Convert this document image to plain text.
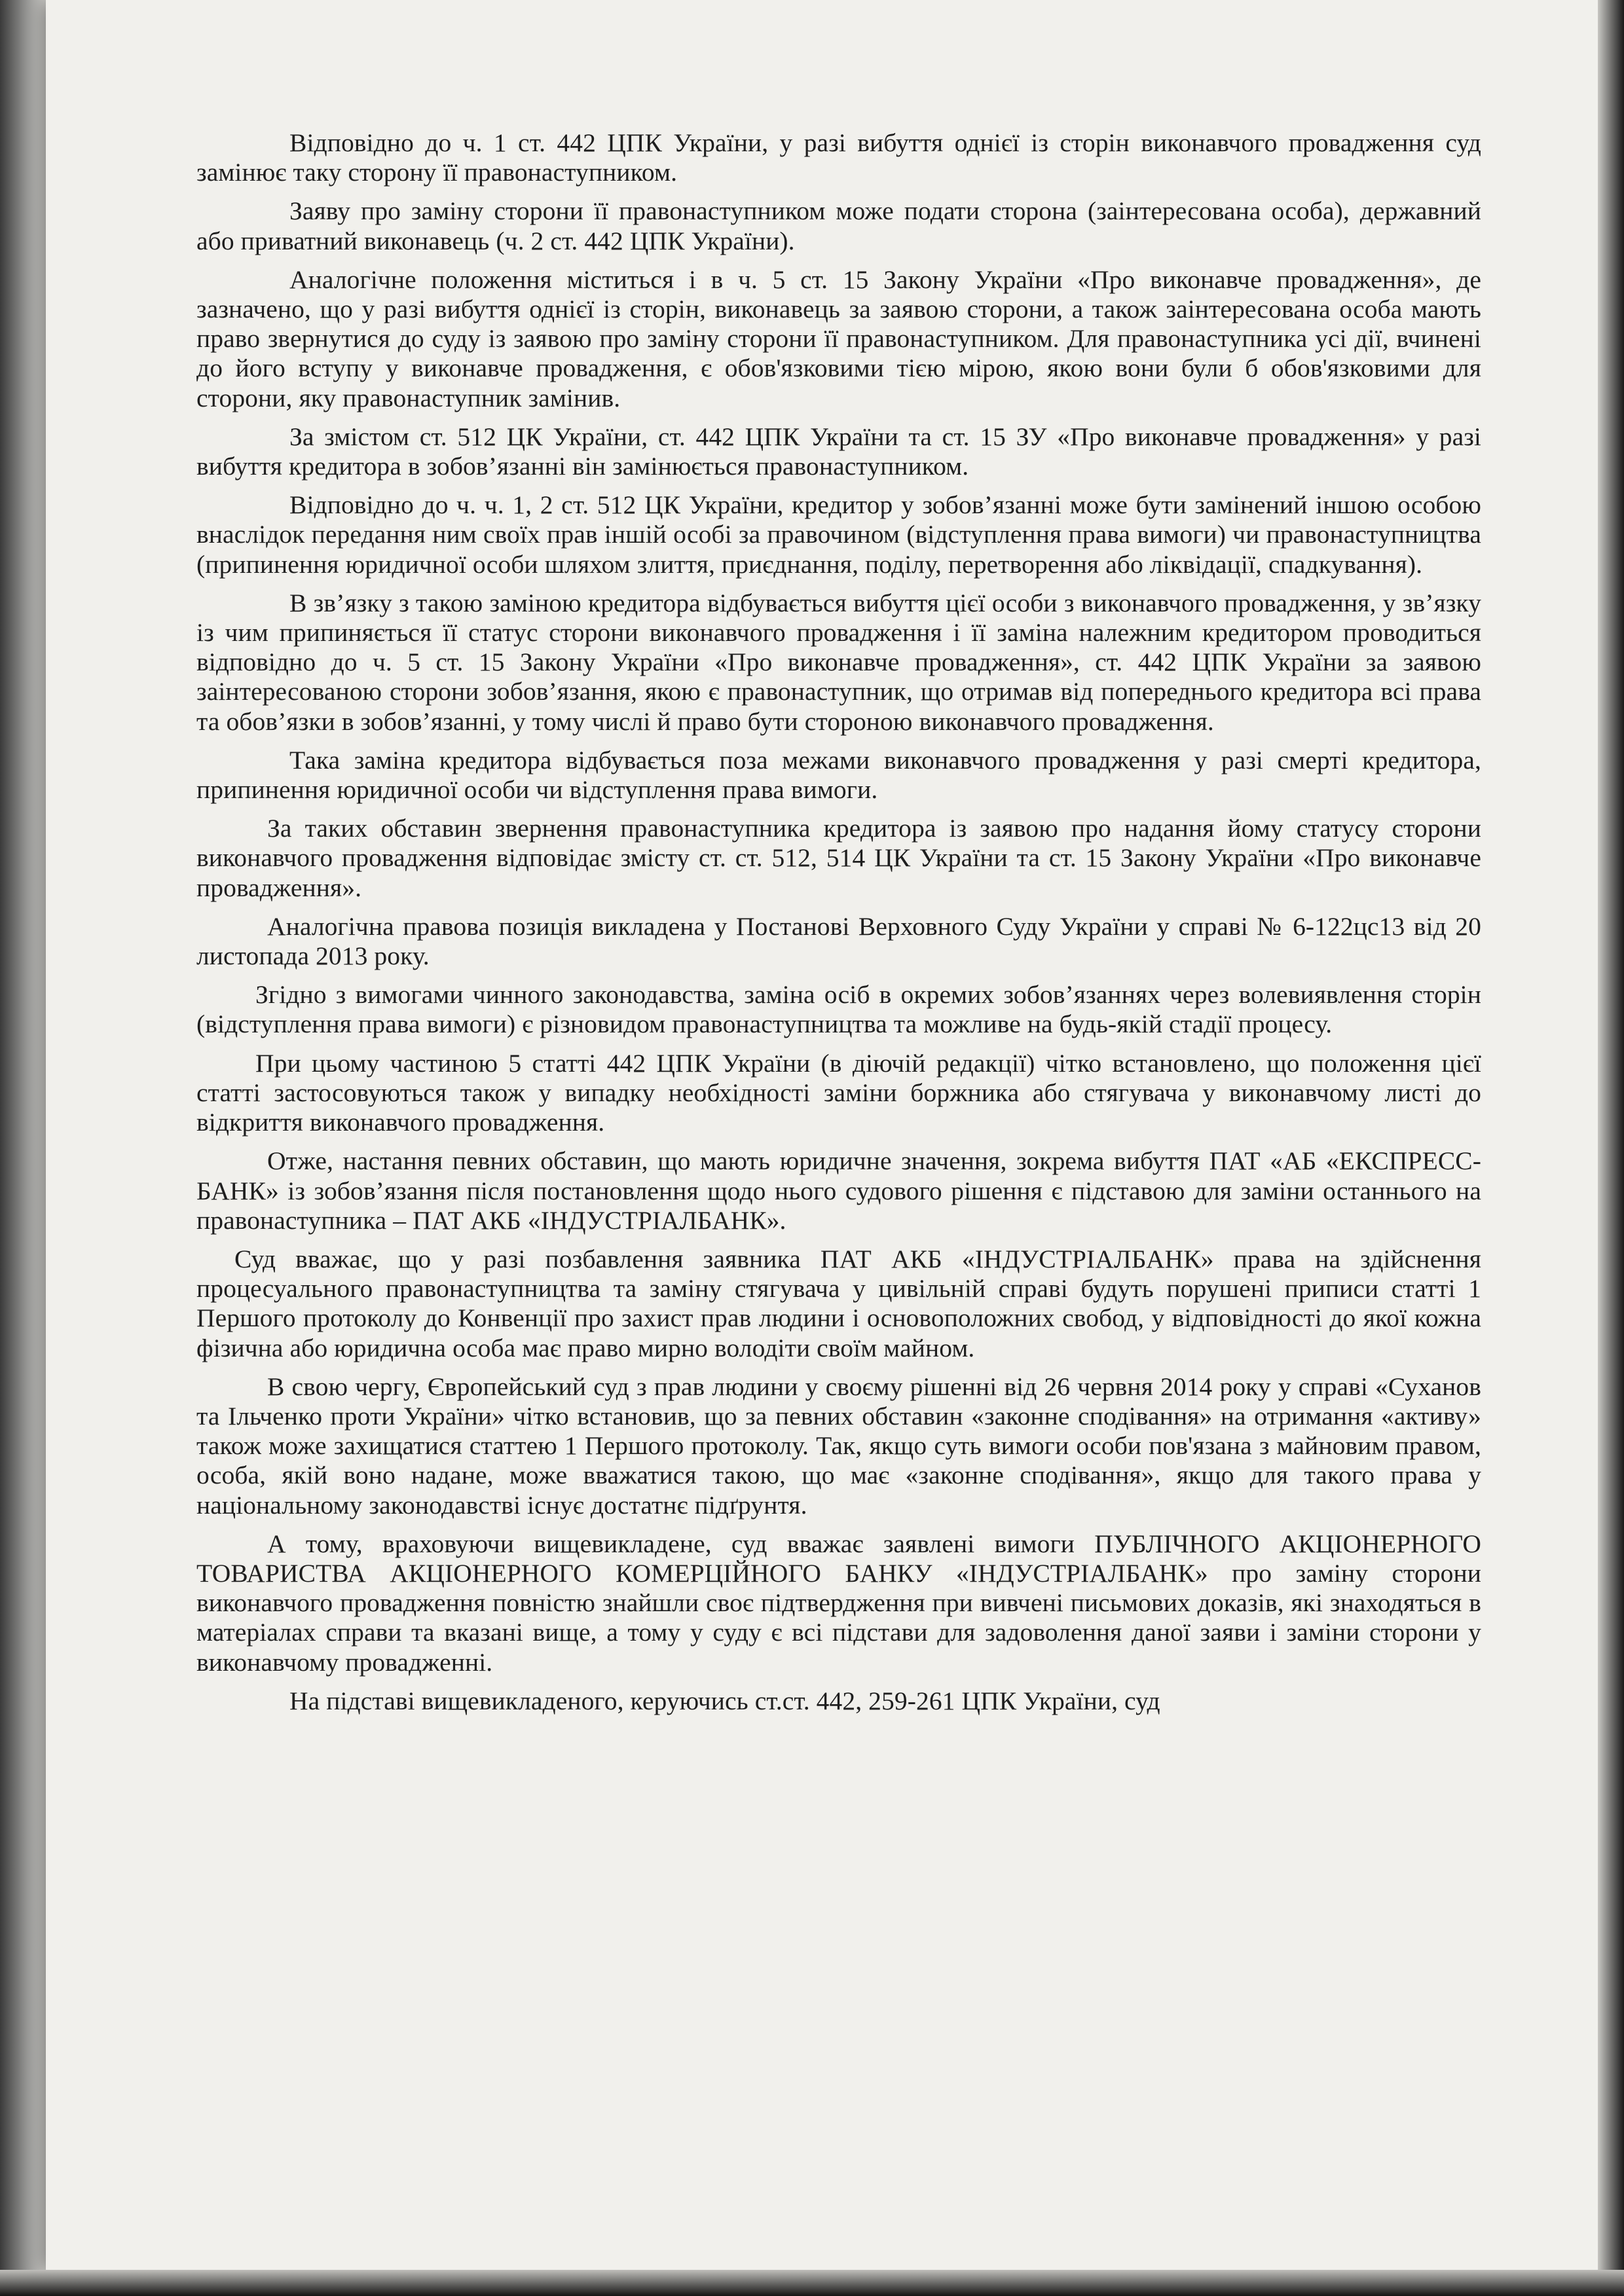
Відповідно до ч. 1 ст. 442 ЦПК України, у разі вибуття однієї із сторін виконавчого провадження суд замінює таку сторону її правонаступником.

Заяву про заміну сторони її правонаступником може подати сторона (заінтересована особа), державний або приватний виконавець (ч. 2 ст. 442 ЦПК України).

Аналогічне положення міститься і в ч. 5 ст. 15 Закону України «Про виконавче провадження», де зазначено, що у разі вибуття однієї із сторін, виконавець за заявою сторони, а також заінтересована особа мають право звернутися до суду із заявою про заміну сторони її правонаступником. Для правонаступника усі дії, вчинені до його вступу у виконавче провадження, є обов'язковими тією мірою, якою вони були б обов'язковими для сторони, яку правонаступник замінив.

За змістом ст. 512 ЦК України, ст. 442 ЦПК України та ст. 15 ЗУ «Про виконавче провадження» у разі вибуття кредитора в зобов’язанні він замінюється правонаступником.

Відповідно до ч. ч. 1, 2 ст. 512 ЦК України, кредитор у зобов’язанні може бути замінений іншою особою внаслідок передання ним своїх прав іншій особі за правочином (відступлення права вимоги) чи правонаступництва (припинення юридичної особи шляхом злиття, приєднання, поділу, перетворення або ліквідації, спадкування).

В зв’язку з такою заміною кредитора відбувається вибуття цієї особи з виконавчого провадження, у зв’язку із чим припиняється її статус сторони виконавчого провадження і її заміна належним кредитором проводиться відповідно до ч. 5 ст. 15 Закону України «Про виконавче провадження», ст. 442 ЦПК України за заявою заінтересованою сторони зобов’язання, якою є правонаступник, що отримав від попереднього кредитора всі права та обов’язки в зобов’язанні, у тому числі й право бути стороною виконавчого провадження.

Така заміна кредитора відбувається поза межами виконавчого провадження у разі смерті кредитора, припинення юридичної особи чи відступлення права вимоги.

За таких обставин звернення правонаступника кредитора із заявою про надання йому статусу сторони виконавчого провадження відповідає змісту ст. ст. 512, 514 ЦК України та ст. 15 Закону України «Про виконавче провадження».

Аналогічна правова позиція викладена у Постанові Верховного Суду України у справі № 6-122цс13 від 20 листопада 2013 року.

Згідно з вимогами чинного законодавства, заміна осіб в окремих зобов’язаннях через волевиявлення сторін (відступлення права вимоги) є різновидом правонаступництва та можливе на будь-якій стадії процесу.

При цьому частиною 5 статті 442 ЦПК України (в діючій редакції) чітко встановлено, що положення цієї статті застосовуються також у випадку необхідності заміни боржника або стягувача у виконавчому листі до відкриття виконавчого провадження.

Отже, настання певних обставин, що мають юридичне значення, зокрема вибуття ПАТ «АБ «ЕКСПРЕСС-БАНК» із зобов’язання після постановлення щодо нього судового рішення є підставою для заміни останнього на правонаступника – ПАТ АКБ «ІНДУСТРІАЛБАНК».

Суд вважає, що у разі позбавлення заявника ПАТ АКБ «ІНДУСТРІАЛБАНК» права на здійснення процесуального правонаступництва та заміну стягувача у цивільній справі будуть порушені приписи статті 1 Першого протоколу до Конвенції про захист прав людини і основоположних свобод, у відповідності до якої кожна фізична або юридична особа має право мирно володіти своїм майном.

В свою чергу, Європейський суд з прав людини у своєму рішенні від 26 червня 2014 року у справі «Суханов та Ільченко проти України» чітко встановив, що за певних обставин «законне сподівання» на отримання «активу» також може захищатися статтею 1 Першого протоколу. Так, якщо суть вимоги особи пов'язана з майновим правом, особа, якій воно надане, може вважатися такою, що має «законне сподівання», якщо для такого права у національному законодавстві існує достатнє підґрунтя.

А тому, враховуючи вищевикладене, суд вважає заявлені вимоги ПУБЛІЧНОГО АКЦІОНЕРНОГО ТОВАРИСТВА АКЦІОНЕРНОГО КОМЕРЦІЙНОГО БАНКУ «ІНДУСТРІАЛБАНК» про заміну сторони виконавчого провадження повністю знайшли своє підтвердження при вивчені письмових доказів, які знаходяться в матеріалах справи та вказані вище, а тому у суду є всі підстави для задоволення даної заяви і заміни сторони у виконавчому провадженні.

На підставі вищевикладеного, керуючись ст.ст. 442, 259-261 ЦПК України, суд
